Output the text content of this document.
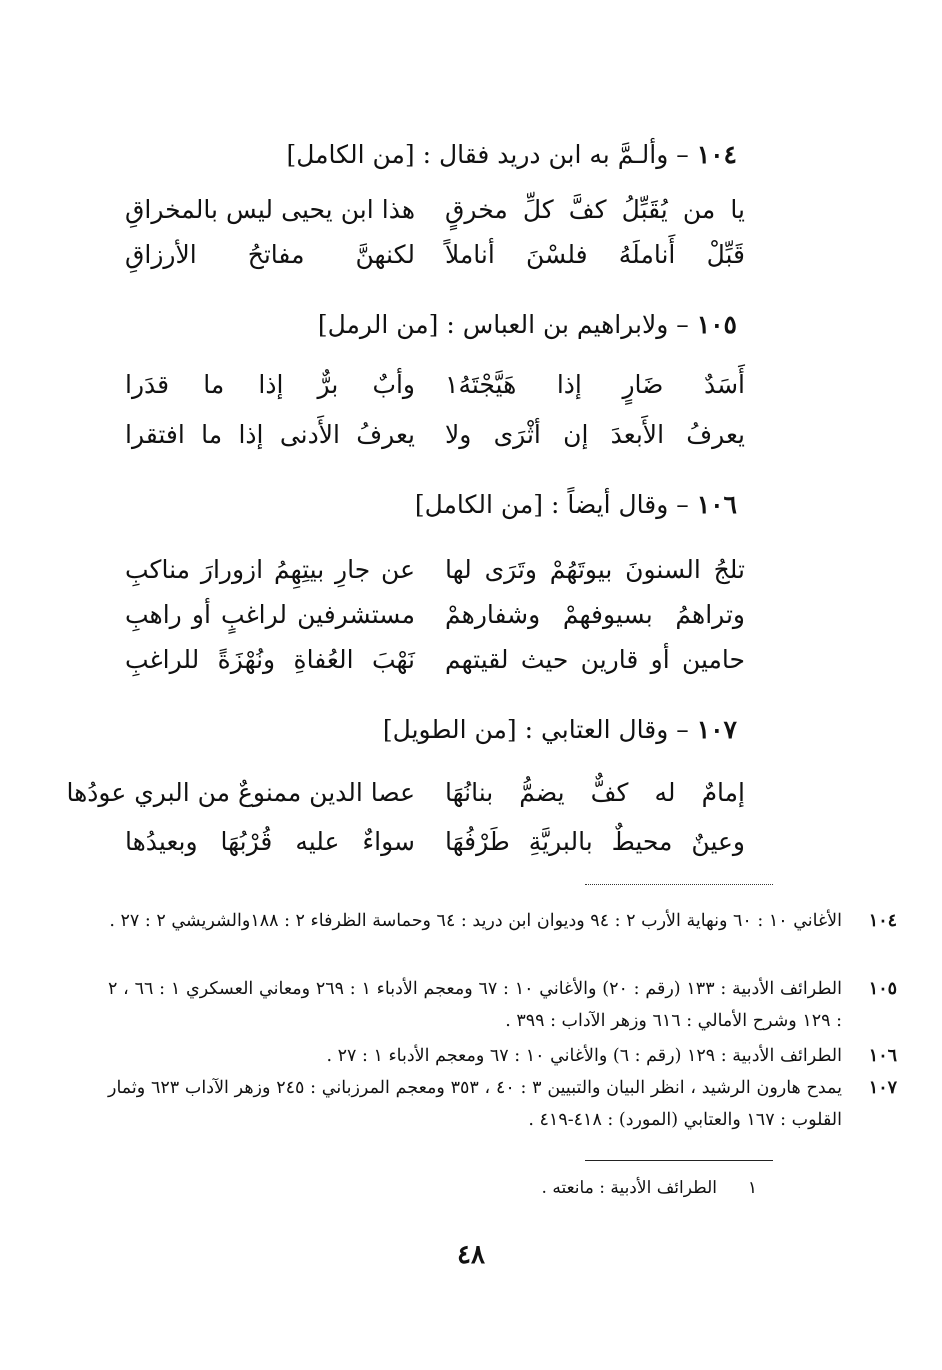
١٠٤ – وألـمَّ به ابن دريد فقال : [من الكامل]
يا من يُقَبِّلُ كفَّ كلِّ مخرقٍ
هذا ابن يحيى ليس بالمخراقِ
قَبِّلْ أَناملَهُ فلسْنَ أناملاً
لكنهنَّ مفاتحُ الأرزاقِ
١٠٥ – ولابراهيم بن العباس : [من الرمل]
أَسَدٌ ضَارٍ إذا هَيَّجْتَهُ١
وأبٌ برٌّ إذا ما قدَرا
يعرفُ الأَبعدَ إن أثْرَى ولا
يعرفُ الأَدنى إذا ما افتقرا
١٠٦ – وقال أيضاً : [من الكامل]
تلجُ السنونَ بيوتَهُمْ وتَرَى لها
عن جارِ بيتِهِمُ ازورارَ مناكبِ
وتراهمُ بسيوفهمْ وشفارهمْ
مستشرفين لراغبٍ أو راهبِ
حامين أو قارين حيث لقيتهم
نَهْبَ العُفاةِ ونُهْزَةً للراغبِ
١٠٧ – وقال العتابي : [من الطويل]
إمامٌ له كفٌّ يضمُّ بنانُهَا
عصا الدين ممنوعٌ من البري عودُها
وعينٌ محيطٌ بالبريَّةِ طَرْفُهَا
سواءٌ عليه قُرْبُهَا وبعيدُها
١٠٤
الأغاني ١٠ : ٦٠ ونهاية الأرب ٢ : ٩٤ وديوان ابن دريد : ٦٤ وحماسة الظرفاء ٢ : ١٨٨والشريشي ٢ : ٢٧ .
١٠٥
الطرائف الأدبية : ١٣٣ (رقم : ٢٠) والأغاني ١٠ : ٦٧ ومعجم الأدباء ١ : ٢٦٩ ومعاني العسكري ١ : ٦٦ ، ٢ : ١٢٩ وشرح الأمالي : ٦١٦ وزهر الآداب : ٣٩٩ .
١٠٦
الطرائف الأدبية : ١٢٩ (رقم : ٦) والأغاني ١٠ : ٦٧ ومعجم الأدباء ١ : ٢٧ .
١٠٧
يمدح هارون الرشيد ، انظر البيان والتبيين ٣ : ٤٠ ، ٣٥٣ ومعجم المرزباني : ٢٤٥ وزهر الآداب ٦٢٣ وثمار القلوب : ١٦٧ والعتابي (المورد) : ٤١٨-٤١٩ .
١
الطرائف الأدبية : مانعته .
٤٨
